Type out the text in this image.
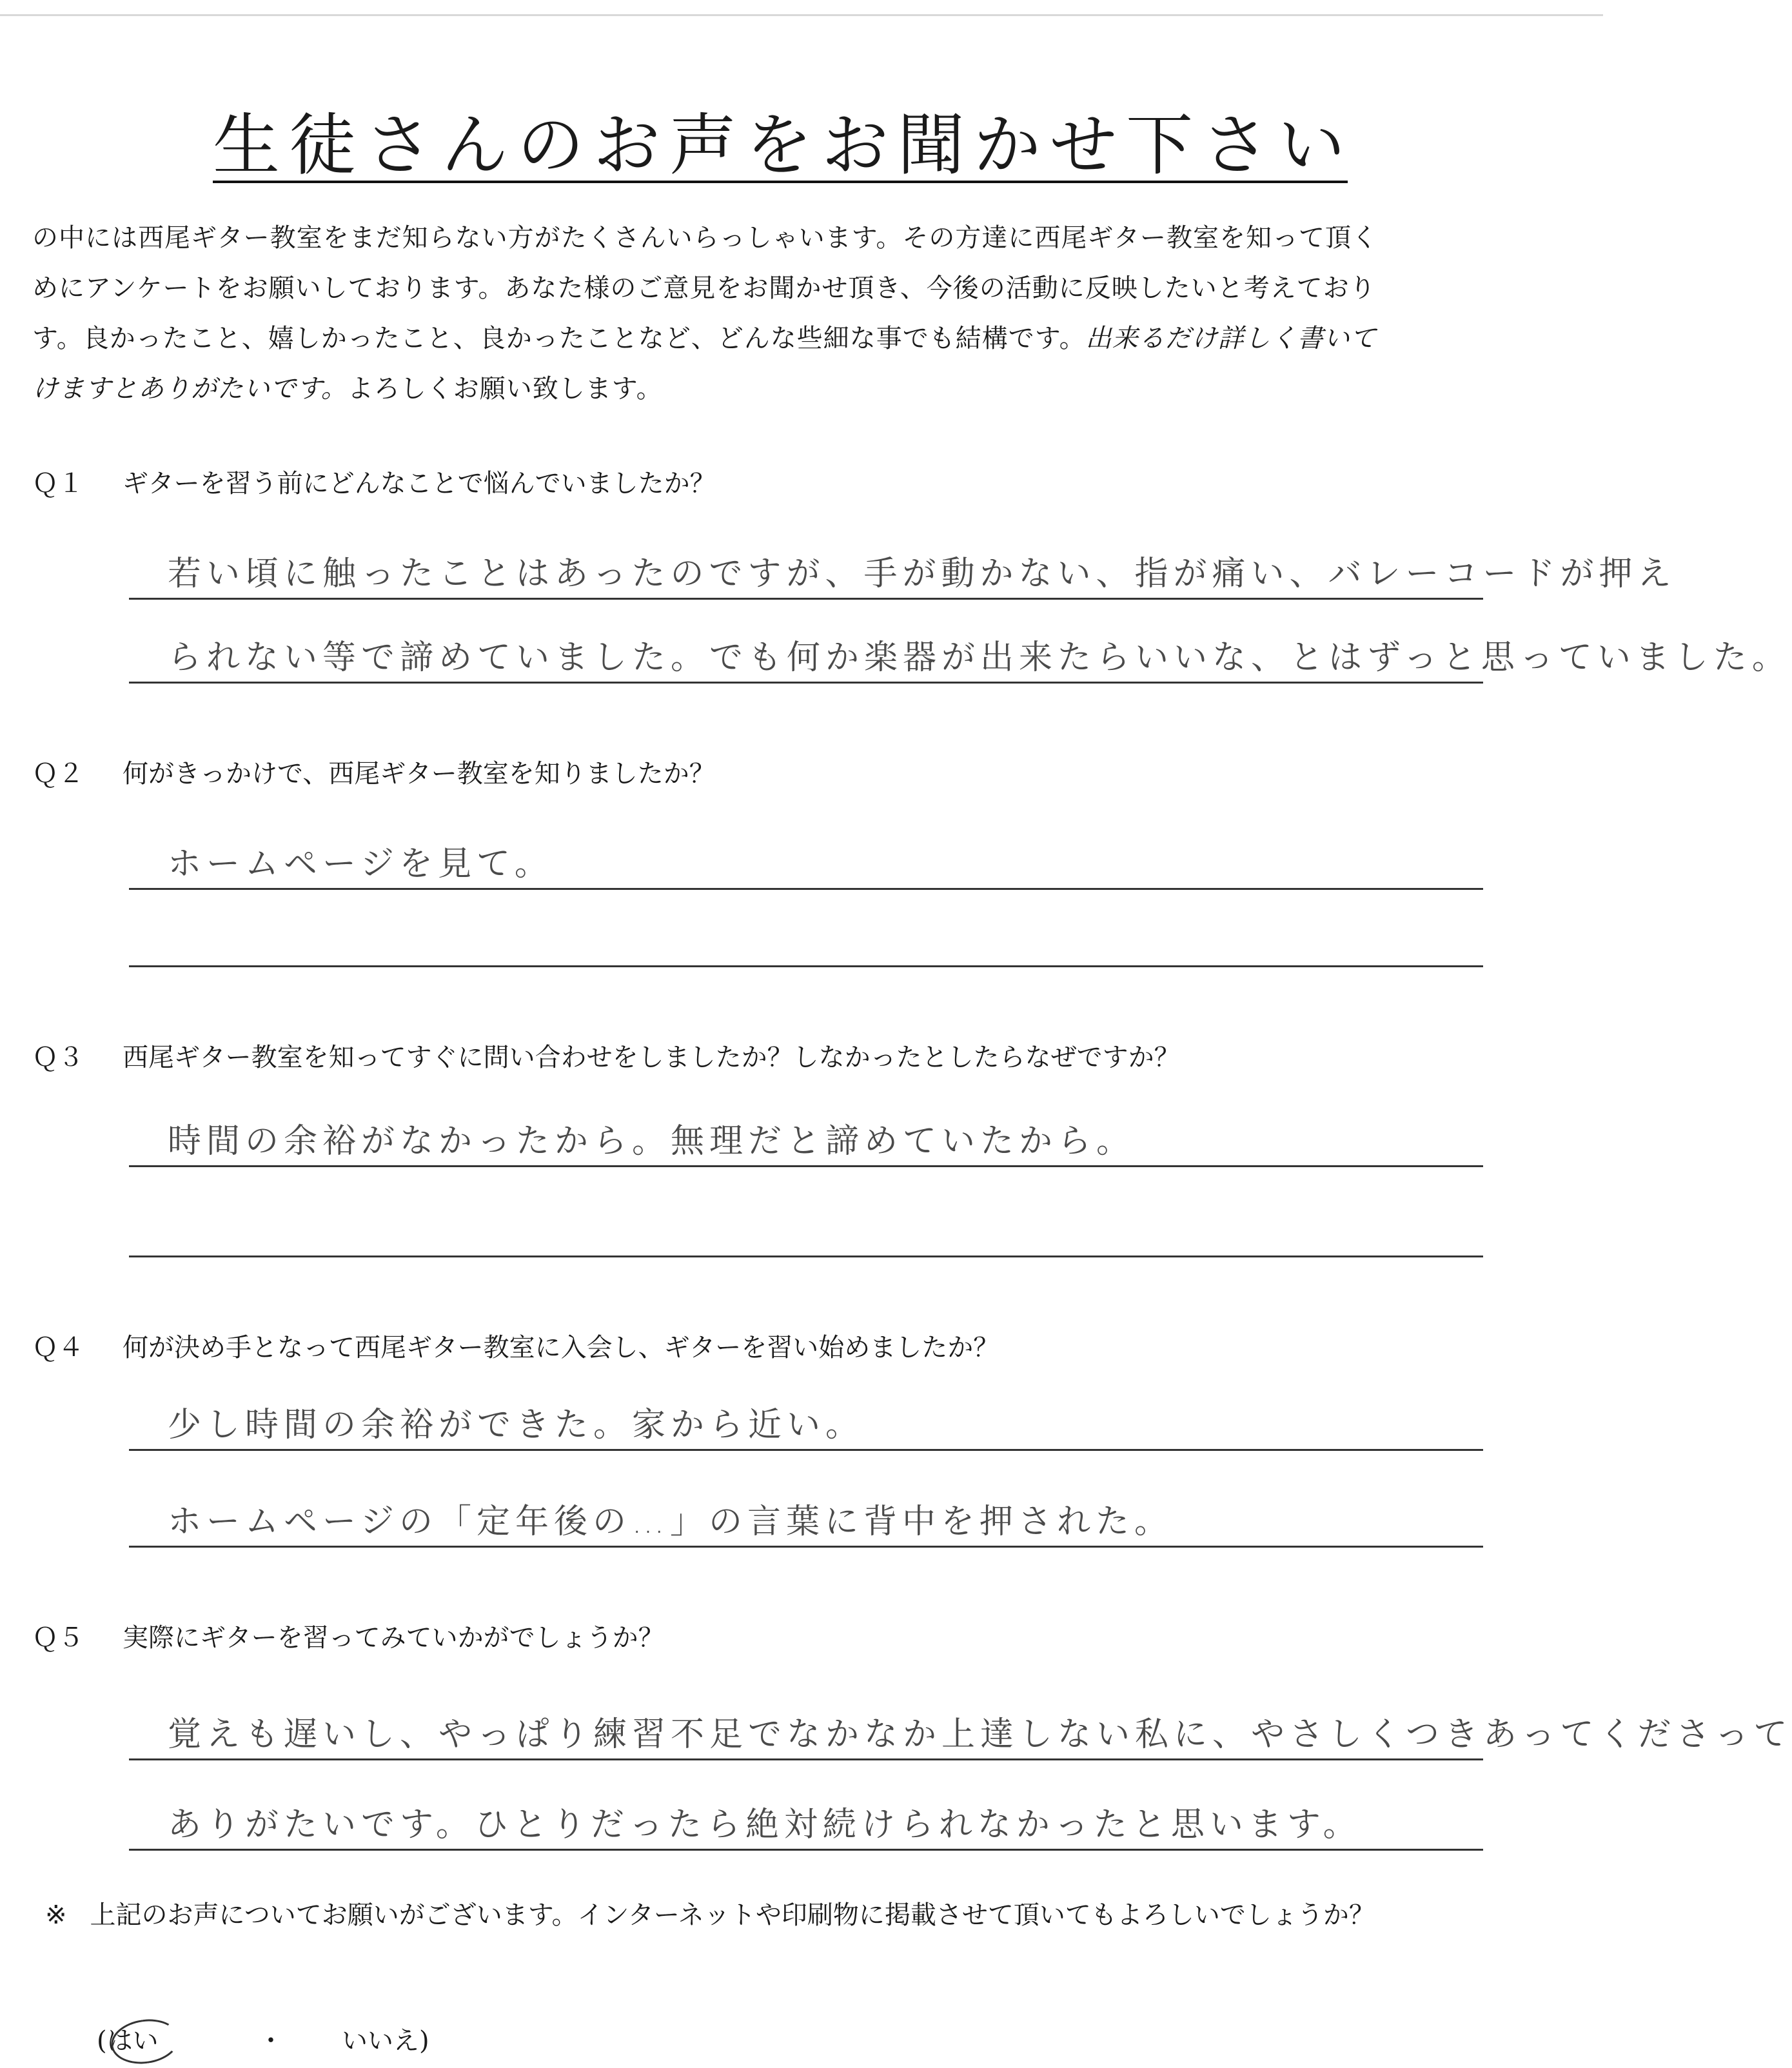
生徒さんのお声をお聞かせ下さい

の中には西尾ギター教室をまだ知らない方がたくさんいらっしゃいます。その方達に西尾ギター教室を知って頂く

めにアンケートをお願いしております。あなた様のご意見をお聞かせ頂き、今後の活動に反映したいと考えており

す。良かったこと、嬉しかったこと、良かったことなど、どんな些細な事でも結構です。出来るだけ詳しく書いて

けますとありがたいです。よろしくお願い致します。

Ｑ１ ギターを習う前にどんなことで悩んでいましたか？
若い頃に触ったことはあったのですが、手が動かない、指が痛い、バレーコードが押え
られない等で諦めていました。でも何か楽器が出来たらいいな、とはずっと思っていました。
Ｑ２ 何がきっかけで、西尾ギター教室を知りましたか？
ホームページを見て。
Ｑ３ 西尾ギター教室を知ってすぐに問い合わせをしましたか？しなかったとしたらなぜですか？
時間の余裕がなかったから。無理だと諦めていたから。
Ｑ４ 何が決め手となって西尾ギター教室に入会し、ギターを習い始めましたか？
少し時間の余裕ができた。家から近い。
ホームページの「定年後の…」の言葉に背中を押された。
Ｑ５ 実際にギターを習ってみていかがでしょうか？
覚えも遅いし、やっぱり練習不足でなかなか上達しない私に、やさしくつきあってくださって
ありがたいです。ひとりだったら絶対続けられなかったと思います。
※ 上記のお声についてお願いがございます。インターネットや印刷物に掲載させて頂いてもよろしいでしょうか？
(はい	・ いいえ)
